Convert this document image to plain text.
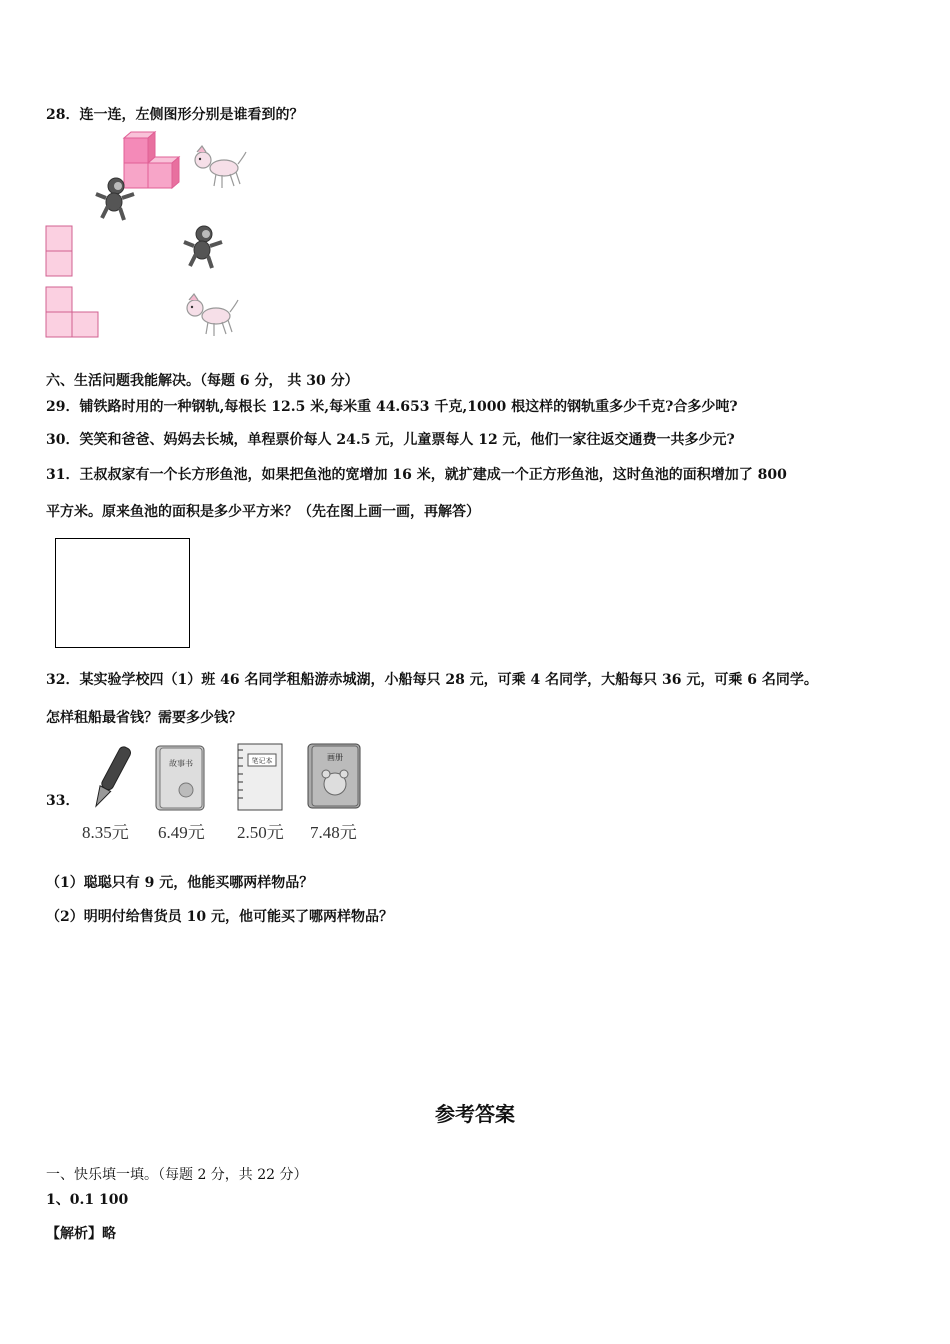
28．连一连，左侧图形分别是谁看到的？
六、生活问题我能解决。（每题 6 分， 共 30 分）
29．铺铁路时用的一种钢轨,每根长 12.5 米,每米重 44.653 千克,1000 根这样的钢轨重多少千克?合多少吨?
30．笑笑和爸爸、妈妈去长城，单程票价每人 24.5 元，儿童票每人 12 元，他们一家往返交通费一共多少元?
31．王叔叔家有一个长方形鱼池，如果把鱼池的宽增加 16 米，就扩建成一个正方形鱼池，这时鱼池的面积增加了 800
平方米。原来鱼池的面积是多少平方米？（先在图上画一画，再解答）
32．某实验学校四（1）班 46 名同学租船游赤城湖，小船每只 28 元，可乘 4 名同学，大船每只 36 元，可乘 6 名同学。
怎样租船最省钱？需要多少钱？
33．
故事书	笔记本	画册
8.35元 6.49元 2.50元 7.48元
（1）聪聪只有 9 元，他能买哪两样物品？
（2）明明付给售货员 10 元，他可能买了哪两样物品？
参考答案
一、快乐填一填。（每题 2 分，共 22 分）
1、0.1 100
【解析】略
